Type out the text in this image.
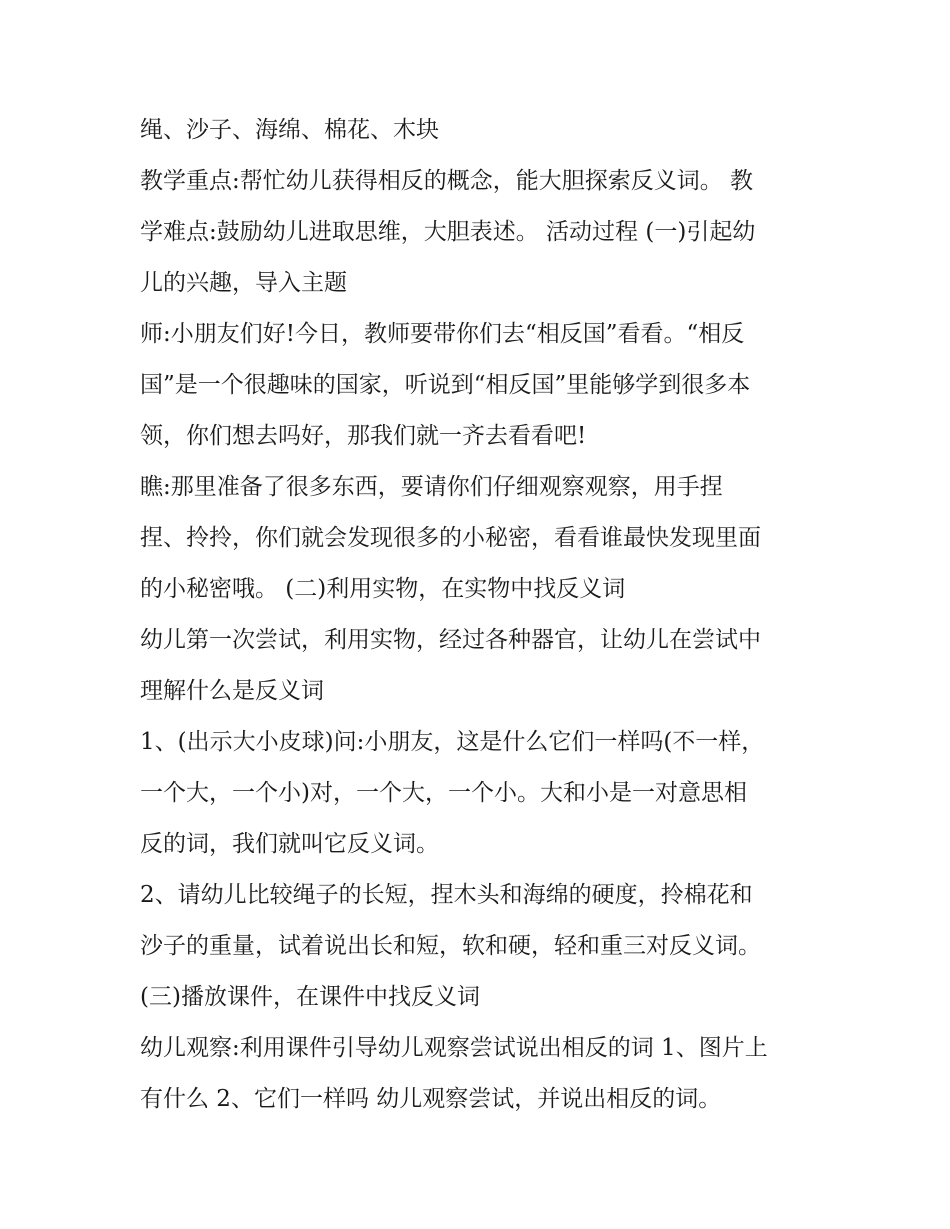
绳、沙子、海绵、棉花、木块
教学重点:帮忙幼儿获得相反的概念，能大胆探索反义词。 教
学难点:鼓励幼儿进取思维，大胆表述。 活动过程 (一)引起幼
儿的兴趣，导入主题
师:小朋友们好!今日，教师要带你们去“相反国”看看。“相反
国”是一个很趣味的国家，听说到“相反国”里能够学到很多本
领，你们想去吗好，那我们就一齐去看看吧!
瞧:那里准备了很多东西，要请你们仔细观察观察，用手捏
捏、拎拎，你们就会发现很多的小秘密，看看谁最快发现里面
的小秘密哦。 (二)利用实物，在实物中找反义词
幼儿第一次尝试，利用实物，经过各种器官，让幼儿在尝试中
理解什么是反义词
1、(出示大小皮球)问:小朋友，这是什么它们一样吗(不一样，
一个大，一个小)对，一个大，一个小。大和小是一对意思相
反的词，我们就叫它反义词。
2、请幼儿比较绳子的长短，捏木头和海绵的硬度，拎棉花和
沙子的重量，试着说出长和短，软和硬，轻和重三对反义词。
(三)播放课件，在课件中找反义词
幼儿观察:利用课件引导幼儿观察尝试说出相反的词 1、图片上
有什么 2、它们一样吗 幼儿观察尝试，并说出相反的词。
